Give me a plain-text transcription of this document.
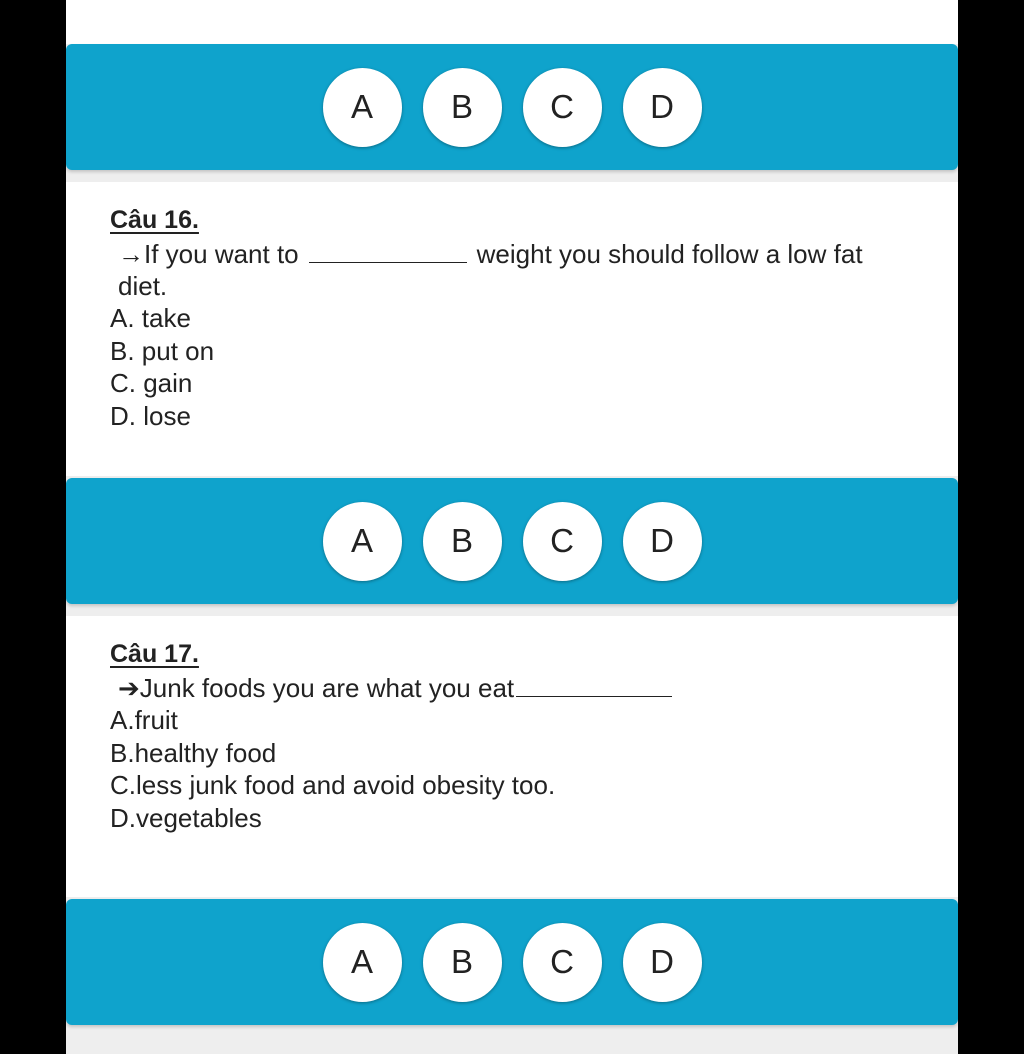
A	B	C	D

Câu 16.

→If you want to	weight you should follow a low fat
diet.

A. take

B. put on

C. gain

D. lose

A	B	C	D

Câu 17.

➔Junk foods you are what you eat

A.fruit

B.healthy food

C.less junk food and avoid obesity too.

D.vegetables

A	B	C	D
